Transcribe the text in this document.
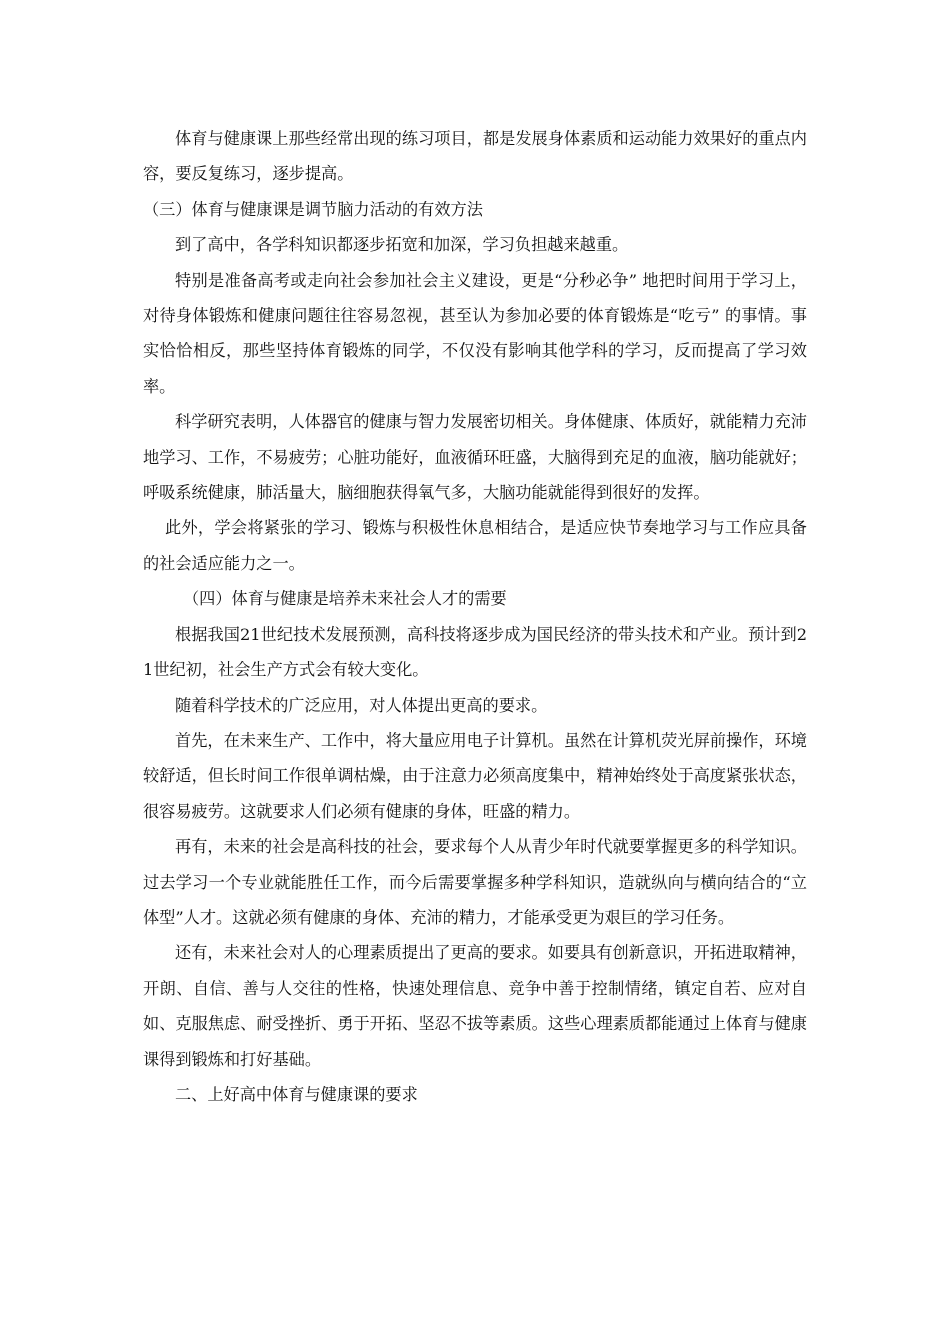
体育与健康课上那些经常出现的练习项目，都是发展身体素质和运动能力效果好的重点内容，要反复练习，逐步提高。

（三）体育与健康课是调节脑力活动的有效方法

到了高中，各学科知识都逐步拓宽和加深，学习负担越来越重。

特别是准备高考或走向社会参加社会主义建设，更是“分秒必争” 地把时间用于学习上，对待身体锻炼和健康问题往往容易忽视，甚至认为参加必要的体育锻炼是“吃亏” 的事情。事实恰恰相反，那些坚持体育锻炼的同学，不仅没有影响其他学科的学习，反而提高了学习效率。

科学研究表明，人体器官的健康与智力发展密切相关。身体健康、体质好，就能精力充沛地学习、工作，不易疲劳；心脏功能好，血液循环旺盛，大脑得到充足的血液，脑功能就好；呼吸系统健康，肺活量大，脑细胞获得氧气多，大脑功能就能得到很好的发挥。

此外，学会将紧张的学习、锻炼与积极性休息相结合，是适应快节奏地学习与工作应具备的社会适应能力之一。

（四）体育与健康是培养未来社会人才的需要

根据我国21世纪技术发展预测，高科技将逐步成为国民经济的带头技术和产业。预计到21世纪初，社会生产方式会有较大变化。

随着科学技术的广泛应用，对人体提出更高的要求。

首先，在未来生产、工作中，将大量应用电子计算机。虽然在计算机荧光屏前操作，环境较舒适，但长时间工作很单调枯燥，由于注意力必须高度集中，精神始终处于高度紧张状态，很容易疲劳。这就要求人们必须有健康的身体，旺盛的精力。

再有，未来的社会是高科技的社会，要求每个人从青少年时代就要掌握更多的科学知识。过去学习一个专业就能胜任工作，而今后需要掌握多种学科知识，造就纵向与横向结合的“立体型”人才。这就必须有健康的身体、充沛的精力，才能承受更为艰巨的学习任务。

还有，未来社会对人的心理素质提出了更高的要求。如要具有创新意识，开拓进取精神，开朗、自信、善与人交往的性格，快速处理信息、竞争中善于控制情绪，镇定自若、应对自如、克服焦虑、耐受挫折、勇于开拓、坚忍不拔等素质。这些心理素质都能通过上体育与健康课得到锻炼和打好基础。

二、上好高中体育与健康课的要求
